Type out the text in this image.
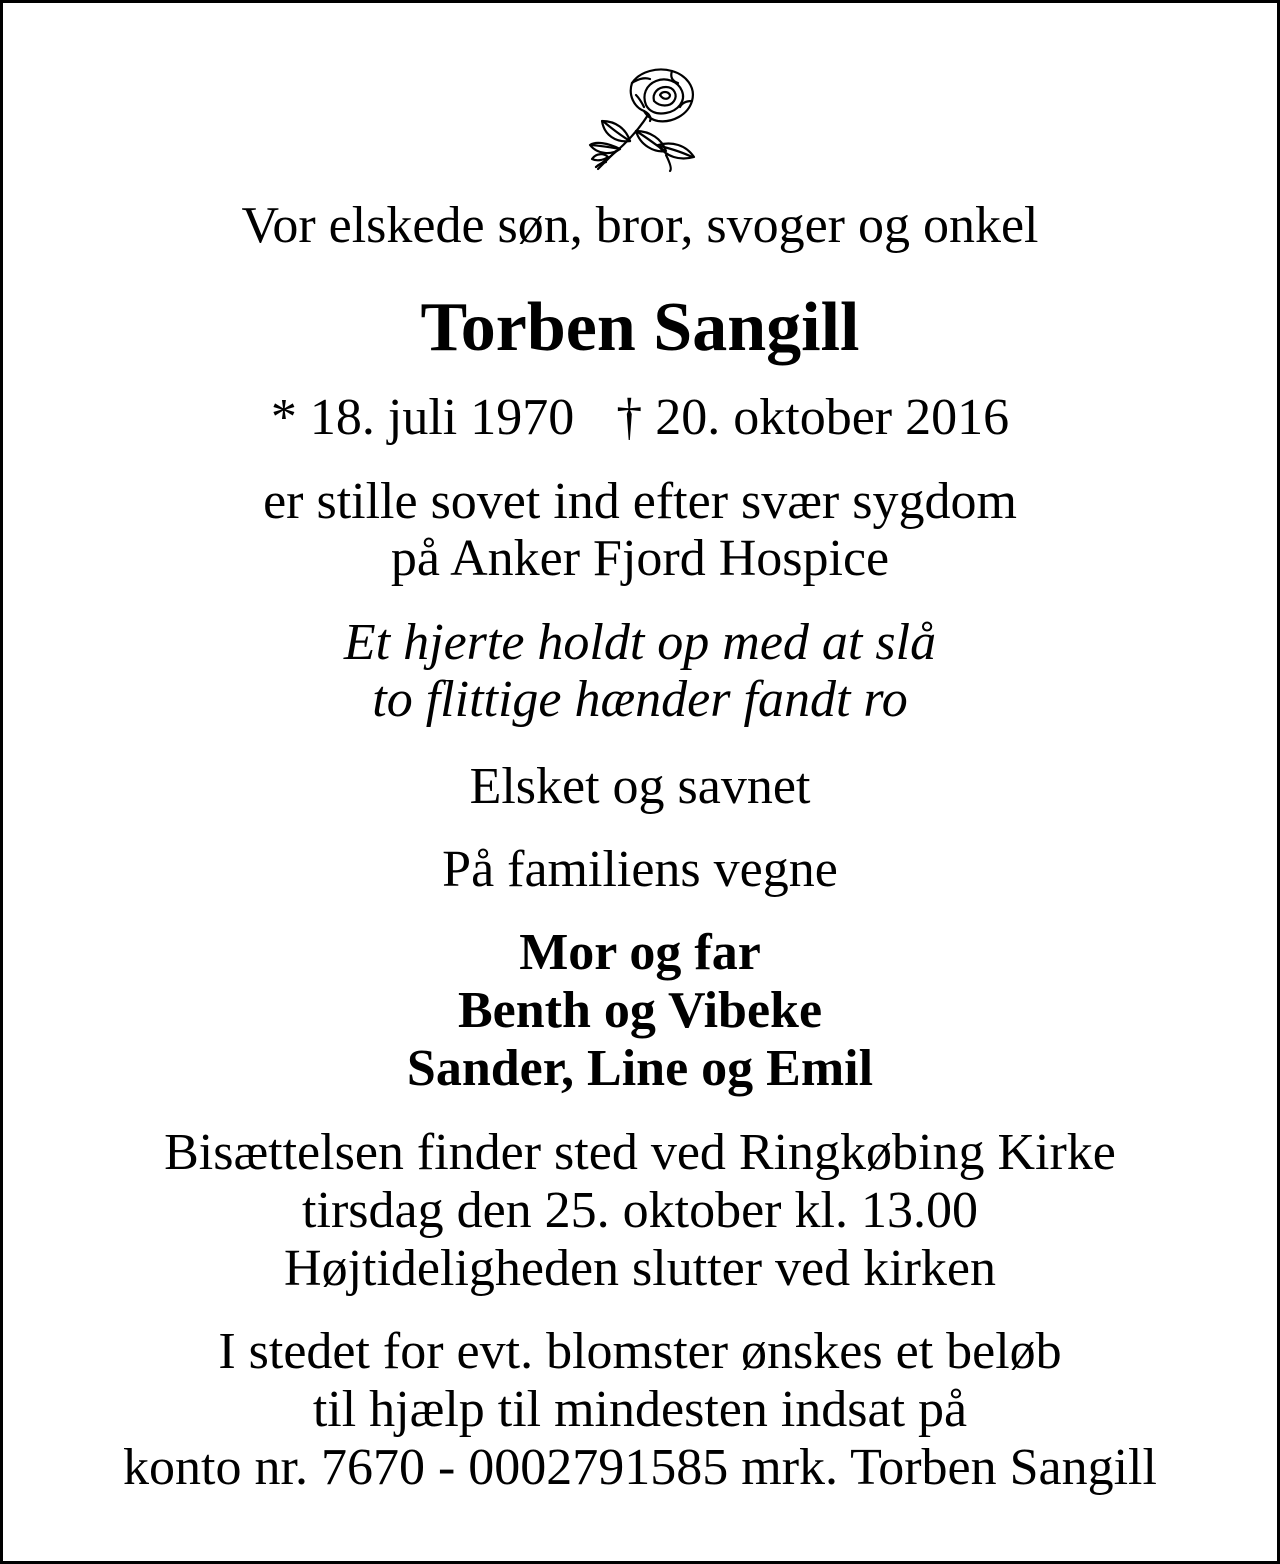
Vor elskede søn, bror, svoger og onkel

Torben Sangill

* 18. juli 1970 † 20. oktober 2016

er stille sovet ind efter svær sygdom

på Anker Fjord Hospice

Et hjerte holdt op med at slå

to flittige hænder fandt ro

Elsket og savnet

På familiens vegne

Mor og far

Benth og Vibeke

Sander, Line og Emil

Bisættelsen finder sted ved Ringkøbing Kirke

tirsdag den 25. oktober kl. 13.00

Højtideligheden slutter ved kirken

I stedet for evt. blomster ønskes et beløb

til hjælp til mindesten indsat på

konto nr. 7670 - 0002791585 mrk. Torben Sangill
